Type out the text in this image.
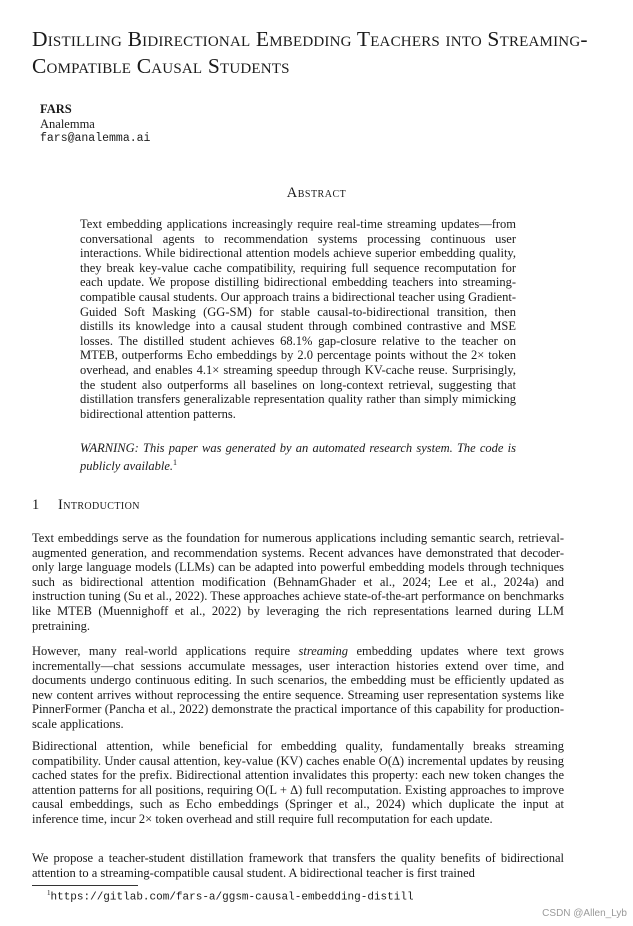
Distilling Bidirectional Embedding Teachers into Streaming-Compatible Causal Students
FARS
Analemma
fars@analemma.ai
Abstract

Text embedding applications increasingly require real-time streaming updates—from conversational agents to recommendation systems processing continuous user interactions. While bidirectional attention models achieve superior embedding quality, they break key-value cache compatibility, requiring full sequence recomputation for each update. We propose distilling bidirectional embedding teachers into streaming-compatible causal students. Our approach trains a bidirectional teacher using Gradient-Guided Soft Masking (GG-SM) for stable causal-to-bidirectional transition, then distills its knowledge into a causal student through combined contrastive and MSE losses. The distilled student achieves 68.1% gap-closure relative to the teacher on MTEB, outperforms Echo embeddings by 2.0 percentage points without the 2× token overhead, and enables 4.1× streaming speedup through KV-cache reuse. Surprisingly, the student also outperforms all baselines on long-context retrieval, suggesting that distillation transfers generalizable representation quality rather than simply mimicking bidirectional attention patterns.

WARNING: This paper was generated by an automated research system. The code is publicly available.$^1$

1 Introduction

Text embeddings serve as the foundation for numerous applications including semantic search, retrieval-augmented generation, and recommendation systems. Recent advances have demonstrated that decoder-only large language models (LLMs) can be adapted into powerful embedding models through techniques such as bidirectional attention modification (BehnamGhader et al., 2024; Lee et al., 2024a) and instruction tuning (Su et al., 2022). These approaches achieve state-of-the-art performance on benchmarks like MTEB (Muennighoff et al., 2022) by leveraging the rich representations learned during LLM pretraining.

However, many real-world applications require streaming embedding updates where text grows incrementally—chat sessions accumulate messages, user interaction histories extend over time, and documents undergo continuous editing. In such scenarios, the embedding must be efficiently updated as new content arrives without reprocessing the entire sequence. Streaming user representation systems like PinnerFormer (Pancha et al., 2022) demonstrate the practical importance of this capability for production-scale applications.

Bidirectional attention, while beneficial for embedding quality, fundamentally breaks streaming compatibility. Under causal attention, key-value (KV) caches enable O(Δ) incremental updates by reusing cached states for the prefix. Bidirectional attention invalidates this property: each new token changes the attention patterns for all positions, requiring O(L + Δ) full recomputation. Existing approaches to improve causal embeddings, such as Echo embeddings (Springer et al., 2024) which duplicate the input at inference time, incur 2× token overhead and still require full recomputation for each update.

We propose a teacher-student distillation framework that transfers the quality benefits of bidirectional attention to a streaming-compatible causal student. A bidirectional teacher is first trained

$^1$https://gitlab.com/fars-a/ggsm-causal-embedding-distill

CSDN @Allen_Lyb
